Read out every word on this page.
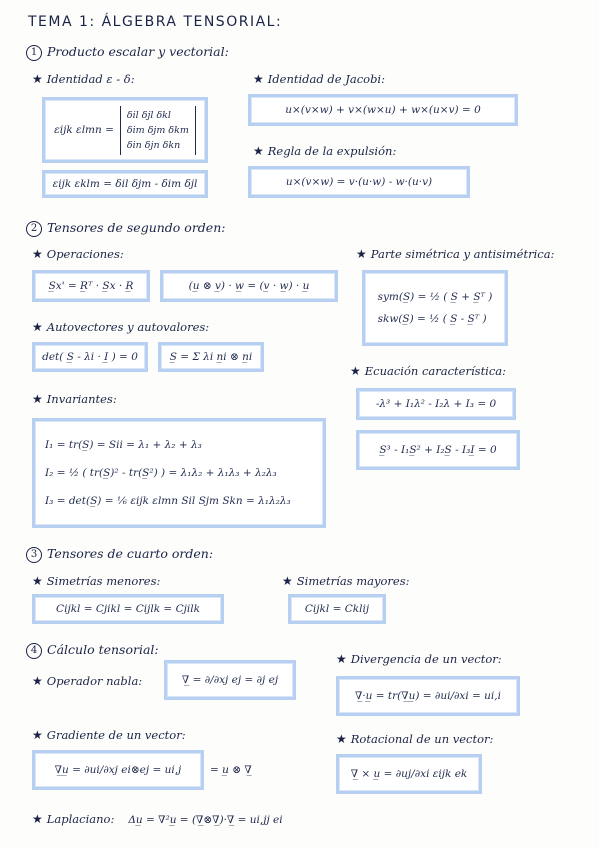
TEMA 1: ÁLGEBRA TENSORIAL:
1 Producto escalar y vectorial:
★ Identidad ε - δ:
εijk εlmn =
δil δjl δkl
δim δjm δkm
δin δjn δkn
εijk εklm = δil δjm - δim δjl
★ Identidad de Jacobi:
u×(v×w) + v×(w×u) + w×(u×v) = 0
★ Regla de la expulsión:
u×(v×w) = v·(u·w) - w·(u·v)
2 Tensores de segundo orden:
★ Operaciones:
S̲x' = R̲ᵀ · S̲x · R̲	(u̲ ⊗ v̲) · w̲ = (v̲ · w̲) · u̲
★ Parte simétrica y antisimétrica:
sym(S̲) = ½ ( S̲ + S̲ᵀ )
skw(S̲) = ½ ( S̲ - S̲ᵀ )
★ Autovectores y autovalores:
det( S̲ - λi · I̲ ) = 0	S̲ = Σ λi n̲i ⊗ n̲i
★ Ecuación característica:
-λ³ + I₁λ² - I₂λ + I₃ = 0
S̲³ - I₁S̲² + I₂S̲ - I₃I̲ = 0
★ Invariantes:
I₁ = tr(S̲) = Sii = λ₁ + λ₂ + λ₃
I₂ = ½ ( tr(S̲)² - tr(S̲²) ) = λ₁λ₂ + λ₁λ₃ + λ₂λ₃
I₃ = det(S̲) = ⅙ εijk εlmn Sil Sjm Skn = λ₁λ₂λ₃
3 Tensores de cuarto orden:
★ Simetrías menores:
Cijkl = Cjikl = Cijlk = Cjilk
★ Simetrías mayores:
Cijkl = Cklij
4 Cálculo tensorial:
★ Operador nabla:	∇̲ = ∂/∂xj ej = ∂j ej
★ Divergencia de un vector:
∇̲·u̲ = tr(∇̲u̲) = ∂ui/∂xi = ui,i
★ Gradiente de un vector:
∇̲u̲ = ∂ui/∂xj ei⊗ej = ui,j	= u̲ ⊗ ∇̲
★ Rotacional de un vector:
∇̲ × u̲ = ∂uj/∂xi εijk ek
★ Laplaciano: Δu̲ = ∇²u̲ = (∇̲⊗∇̲)·∇̲ = ui,jj ei
